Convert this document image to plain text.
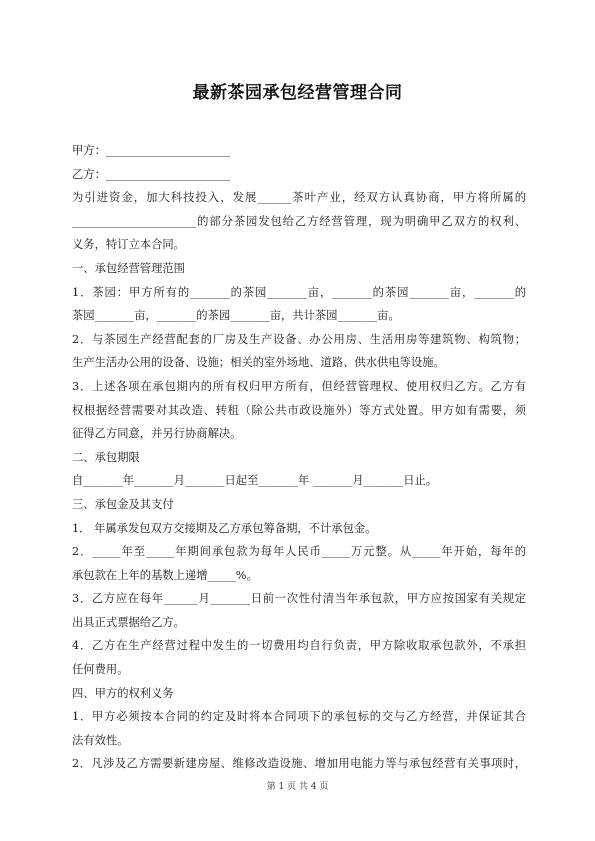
最新茶园承包经营管理合同
甲方：______________________
乙方：______________________
为引进资金，加大科技投入，发展______茶叶产业，经双方认真协商，甲方将所属的
______________________的部分茶园发包给乙方经营管理，现为明确甲乙双方的权利、
义务，特订立本合同。
一、承包经营管理范围
1．茶园：甲方所有的_______的茶园_______亩，_______的茶园_______亩，_______的
茶园_______亩，_______的茶园_______亩，共计茶园_______亩。
2．与茶园生产经营配套的厂房及生产设备、办公用房、生活用房等建筑物、构筑物；
生产生活办公用的设备、设施；相关的室外场地、道路、供水供电等设施。
3．上述各项在承包期内的所有权归甲方所有，但经营管理权、使用权归乙方。乙方有
权根据经营需要对其改造、转租（除公共市政设施外）等方式处置。甲方如有需要，须
征得乙方同意，并另行协商解决。
二、承包期限
自_______年_______月_______日起至_______年 _______月_______日止。
三、承包金及其支付
1． 年属承发包双方交接期及乙方承包筹备期，不计承包金。
2．_____年至_____年期间承包款为每年人民币_____万元整。从_____年开始，每年的
承包款在上年的基数上递增_____%。
3．乙方应在每年______月_______日前一次性付清当年承包款，甲方应按国家有关规定
出具正式票据给乙方。
4．乙方在生产经营过程中发生的一切费用均自行负责，甲方除收取承包款外，不承担
任何费用。
四、甲方的权利义务
1．甲方必须按本合同的约定及时将本合同项下的承包标的交与乙方经营，并保证其合
法有效性。
2．凡涉及乙方需要新建房屋、维修改造设施、增加用电能力等与承包经营有关事项时，
第 1 页 共 4 页
